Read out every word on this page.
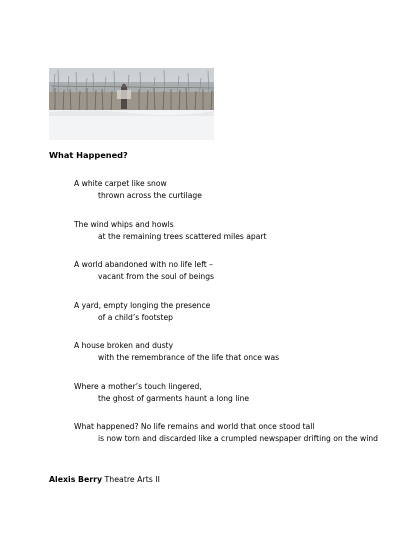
What Happened?
A white carpet like snow
thrown across the curtilage
The wind whips and howls
at the remaining trees scattered miles apart
A world abandoned with no life left –
vacant from the soul of beings
A yard, empty longing the presence
of a child’s footstep
A house broken and dusty
with the remembrance of the life that once was
Where a mother’s touch lingered,
the ghost of garments haunt a long line
What happened? No life remains and world that once stood tall
is now torn and discarded like a crumpled newspaper drifting on the wind
Alexis Berry Theatre Arts II
